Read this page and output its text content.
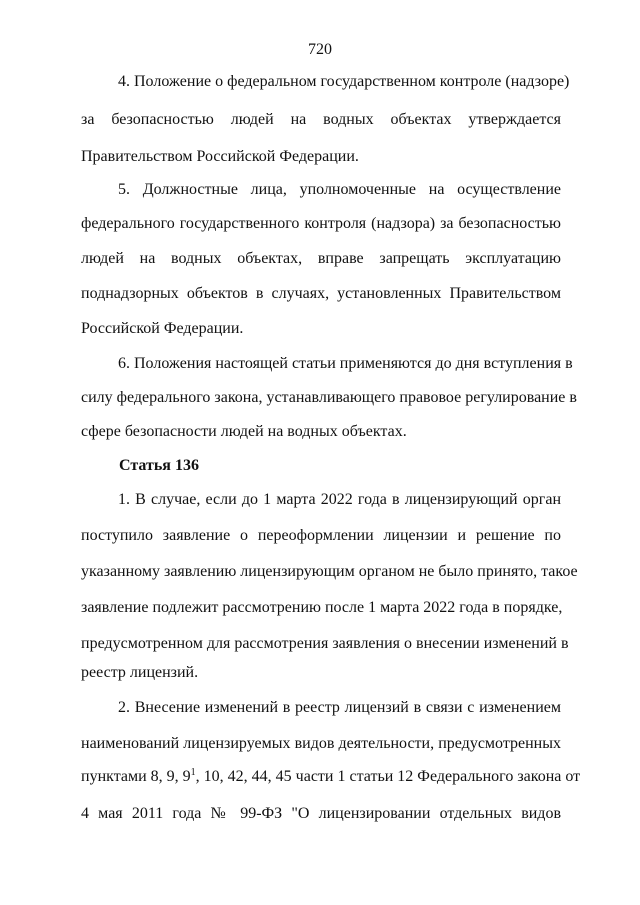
720
4. Положение о федеральном государственном контроле (надзоре)
за безопасностью людей на водных объектах утверждается
Правительством Российской Федерации.
5. Должностные лица, уполномоченные на осуществление
федерального государственного контроля (надзора) за безопасностью
людей на водных объектах, вправе запрещать эксплуатацию
поднадзорных объектов в случаях, установленных Правительством
Российской Федерации.
6. Положения настоящей статьи применяются до дня вступления в
силу федерального закона, устанавливающего правовое регулирование в
сфере безопасности людей на водных объектах.
Статья 136
1. В случае, если до 1 марта 2022 года в лицензирующий орган
поступило заявление о переоформлении лицензии и решение по
указанному заявлению лицензирующим органом не было принято, такое
заявление подлежит рассмотрению после 1 марта 2022 года в порядке,
предусмотренном для рассмотрения заявления о внесении изменений в
реестр лицензий.
2. Внесение изменений в реестр лицензий в связи с изменением
наименований лицензируемых видов деятельности, предусмотренных
пунктами 8, 9, $9^1$, 10, 42, 44, 45 части 1 статьи 12 Федерального закона от
4 мая 2011 года № 99-ФЗ "О лицензировании отдельных видов
